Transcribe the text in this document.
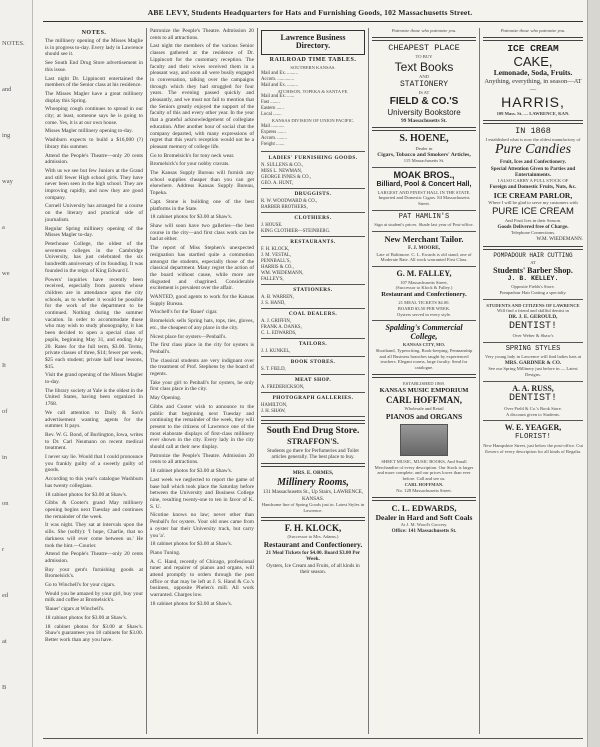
NOTES.
and
ing
way
a
we
the
It
of
in
on
r
ed
at
B
ABE LEVY, Students Headquarters for Hats and Furnishing Goods, 102 Massachusetts Street.
NOTES.

The millinery opening of the Misses Maglie is in progress to-day. Every lady in Lawrence should see it.

See South End Drug Store advertisement in this issue.

Last night Dr. Lippincott entertained the members of the Senior class at his residence.

The Misses Magler have a great millinery display this Spring.

Whooping cough continues to spread in our city; at least, someone says he is going to come. Yes, it is at our own house.

Misses Magler millinery opening to-day.

Washburn expects to build a $16,000 (?) library this summer.

Attend the People's Theatre—only 20 cents admission.

With us we see but few Juniors at the Grand and still fewer High school girls. They have never been seen in the high school. They are improving rapidly, and now they are good company.

Cornell University has arranged for a course on the literary and practical side of journalism.

Regular Spring millinery opening of the Misses Magler to-day.

Peterhouse College, the oldest of the seventeen colleges in the Cambridge University, has just celebrated the six hundredth anniversary of its founding. It was founded in the reign of King Edward I.

Powers' inquiries have recently been received, especially from parents whose children are in attendance upon the city schools, as to whether it would be possible for the work of the department to be continued. Nothing during the summer vacation. In order to accommodate those who may wish to study phonography, it has been decided to open a special class of pupils, beginning May 31, and ending July 20. Rates for the full term, $3.00. Terms, private classes of three, $14; fewer per week, $25 each student; private half hour lessons, $15.

Visit the grand opening of the Misses Magler to-day.

The library society at Yale is the oldest in the United States, having been organized in 1768.

We call attention to Daily & Son's advertisement wanting agents for the summer. It pays.

Rev. W. G. Bond, of Burlington, Iowa, writes to Dr. Carl Neumann on recent medical treatment.

I never say lie. Would that I could pronounce you frankly guilty of a sweetly guilty of goods.

According to this year's catalogue Washburn has twenty collegians.

18 cabinet photos for $3.00 at Shaw's.

Gibbs & Cooter's grand May millinery opening begins next Tuesday and continues the remainder of the week.

It was night. They sat at intervals upon the sills. She (softly): 'I hope, Charlie, that no darkness will ever come between us.' He took the hint.—Courier.

Attend the People's Theatre—only 20 cents admission.

Buy your gent's furnishing goods at Bromelsick's.

Go to Winchell's for your cigars.

Would you be amazed by your girl, buy your milk and coffee at Bromelsick's.

'Bauer' cigars at Winchell's.

18 cabinet photos for $3.00 at Shaw's.

18 cabinet photos for $3.00 at Shaw's. Shaw's guarantees you 18 cabinets for $3.00. Better work than any you have.

Patronize the People's Theatre. Admission 20 cents to all attractions.

Last night the members of the various Senior classes gathered at the residence of Dr. Lippincott for the customary reception. The faculty and their wives received them in a pleasant way, and soon all were busily engaged in conversation, talking over the campaigns through which they had struggled for four years. The evening passed quickly and pleasantly, and we must not fail to mention that the Seniors greatly enjoyed the support of the faculty of this and every other year. In the year that a grateful acknowledgement of collegiate education. After another hour of social chat the company departed, with many expressions of regret that this year's reception would not be a pleasant memory of college life.

Go to Bromelsick's for tony neck wear.

Bromelsick's for your nobby cravats.

The Kansas Supply Bureau will furnish any school supplies cheaper than you can get elsewhere. Address Kansas Supply Bureau, Topeka.

Capt. Stone is building one of the best platforms in the State.

18 cabinet photos for $3.00 at Shaw's.

Shaw will soon have two galleries—the best course in the city—and first class work can be had at either.

The report of Miss Stephen's unexpected resignation has startled quite a commotion amongst the students, especially those of the classical department. Many regret the action of the board without cause, while more are disgusted and chagrined. Considerable excitement is prevalent over the affair.

WANTED, good agents to work for the Kansas Supply Bureau.

Winchell's for the 'Bauer' cigar.

Bromelsick sells Spring hats, tops, ties, gloves, etc., the cheapest of any place in the city.

Nicest place for oysters—Penball's.

The first class place in the city for oysters is Penball's.

The classical students are very indignant over the treatment of Prof. Stephens by the board of regents.

Take your girl to Penball's for oysters, he only first class place in the city.

May Opening.

Gibbs and Cooter wish to announce to the public that beginning next Tuesday and continuing the remainder of the week, they will present to the citizens of Lawrence one of the most elaborate displays of first-class millinery ever shown in the city. Every lady in the city should call at their new display.

Patronize the People's Theatre. Admission 20 cents to all attractions.

18 cabinet photos for $3.00 at Shaw's.

Last week we neglected to report the game of base ball which took place the Saturday before between the University and Business College nine, resulting twenty-one to ten in favor of K. S. U.

Nicotine knows no law; never other than Penball's for oysters. Your old ones came from a oyster bar their University track, but carry you 'a'.

18 cabinet photos for $3.00 at Shaw's.

Piano Tuning.

A. C. Hand, recently of Chicago, professional tuner and repairer of pianos and organs, will attend promptly to orders through the post office or that may be left at J. S. Hand & Co.'s business, opposite Phelen's mill. All work warranted. Charges low.

18 cabinet photos for $3.00 at Shaw's.

Lawrence Business Directory.
RAILROAD TIME TABLES.

SOUTHERN KANSAS.

Mail and Ex. .........
Accom. ..............
Mail and Ex. .........

ATCHISON, TOPEKA & SANTA FE.

Mail and Ex. ......
Fast ........
Eastern ......
Local .......

KANSAS DIVISION OF UNION PACIFIC.

Mail ...........
Express .......
Accom. ........
Freight .......
LADIES' FURNISHING GOODS.
N. SULLENS & CO.,
MISS L. NEWMAN,
GEORGE INNES & CO.,
GEO. A. HUNT,
DRUGGISTS.
R. W. WOODWARD & CO.,
BARBER BROTHERS,
CLOTHIERS.
J. HOUSE.
KING CLOTHIER—STEINBERG.
RESTAURANTS.
F. H. KLOCK,
J. M. VESTAL,
PENNBALL'S,
HARRIS & CO.,
WM. WIEDEMANN,
FALLEY'S,
STATIONERS.
A. B. WARREN,
J. S. HAND,
COAL DEALERS.
A. J. GRIFFIN,
FRANK A. DANKS,
C. L. EDWARDS,
TAILORS.
J. J. KUNKEL,
BOOK STORES.
S. T. FIELD,
MEAT SHOP.
A. FREDERICKSON,
PHOTOGRAPH GALLERIES.
HAMILTON,
J. H. SHAW,
South End Drug Store.
STRAFFON'S.

Students go there for Perfumeries and Toilet articles generally. The best place to buy.

MRS. E. ORMES,

Millinery Rooms,

131 Massachusetts St., Up Stairs, LAWRENCE, KANSAS.

Handsome line of Spring Goods just in. Latest Styles in Lawrence.

F. H. KLOCK,

(Successor to Mrs. Adams.)

Restaurant and Confectionery.

21 Meal Tickets for $4.00. Board $3.00 Per Week.

Oysters, Ice Cream and Fruits, of all kinds in their season.

Patronize those who patronize you.

CHEAPEST PLACE

TO BUY

Text Books

AND

STATIONERY

IS AT

FIELD & CO.'S
University Bookstore

99 Massachusetts St.

S. HOENE,

Dealer in

Cigars, Tobacco and Smokers' Articles,

115 Massachusetts St.

MOAK BROS.,
Billiard, Pool & Concert Hall,

LARGEST AND FINEST HALL IN THE STATE. Imported and Domestic Cigars. 84 Massachusetts Street.

PAT HAMLIN'S

Sign at student's prices. Shade last year of Post-office.

New Merchant Tailor.

F. J. MOORE,

Late of Baltimore. C. L. Ewards is old stand, one of Moderate Rate. All work warranted First Class.

G. M. FALLEY,

107 Massachusetts Street,

(Successor to Klock & Falley.)

Restaurant and Confectionery.

21 MEAL TICKETS $4.00.

BOARD $3.50 PER WEEK.

Oysters served in every style.

Spalding's Commercial College,

KANSAS CITY, MO.

Shorthand, Typewriting, Book-keeping, Penmanship and all Business branches taught by experienced teachers. Elegant rooms, large faculty. Send for catalogue.

ESTABLISHED 1869.

KANSAS MUSIC EMPORIUM
CARL HOFFMAN,

Wholesale and Retail

PIANOS and ORGANS

SHEET MUSIC, MUSIC BOOKS, And Small Merchandise of every description. Our Stock is larger and more complete, and our prices lower than ever before. Call and see us.

CARL HOFFMAN.

No. 128 Massachusetts Street.

C. L. EDWARDS,
Dealer in Hard and Soft Coals

At J. M. Wood's Grocery.

Office: 141 Massachusetts St.

Patronize those who patronize you.

ICE CREAM
CAKE,
Lemonade, Soda, Fruits.

Anything, everything, in season—AT—

HARRIS,

109 Mass. St. — LAWRENCE, KAN.

IN 1868

I established what is now the oldest manufactory of

Pure Candies

Fruit, Ices and Confectionery.

Special Attention Given to Parties and Entertainments.

I ALSO CARRY A FULL STOCK OF

Foreign and Domestic Fruits, Nuts, &c.

ICE CREAM PARLOR,

Where I will be glad to serve my customers with

PURE ICE CREAM

And Fruit Ices in their Season.

Goods Delivered free of Charge.

Telephone Connections.

W.M. WIEDEMANN.

POMPADOUR HAIR CUTTING

AT

Students' Barber Shop.
J. B. KELLEY.

Opposite Fields's Store.

Pompadour Hair Cutting a specialty.

STUDENTS AND CITIZENS OF LAWRENCE

Will find a friend and skillful dentist in

DR. J. E. GEROULD,

DENTIST!

Over Weber & Shaw's

SPRING STYLES

Very young lady in Lawrence will find ladies hats at

MRS. GARDNER & CO.

See our Spring Millinery just before in — Latest Designs.

A. A. RUSS,
DENTIST!

Over Field & Co.'s Book Store.

A discount given to Students.

W. E. YEAGER,
FLORIST!

New Hampshire Street, just below the post-office. Cut flowers of every description for all kinds of Regalia.
